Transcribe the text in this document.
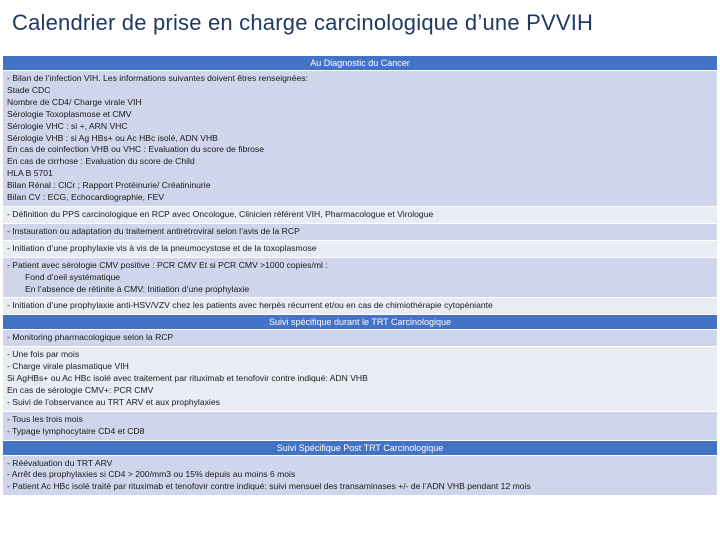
Calendrier de prise en charge carcinologique d’une PVVIH
Au Diagnostic du Cancer
- Bilan de l’infection VIH. Les informations suivantes doivent êtres renseignées:
Stade CDC
Nombre de CD4/ Charge virale VIH
Sérologie Toxoplasmose et CMV
Sérologie VHC : si +, ARN VHC
Sérologie VHB : si Ag HBs+ ou Ac HBc isolé, ADN VHB
En cas de coinfection VHB ou VHC : Evaluation du score de fibrose
En cas de cirrhose : Evaluation du score de Child
HLA B 5701
Bilan Rénal : ClCr ; Rapport Protéinurie/ Créatininurie
Bilan CV : ECG, Echocardiographie, FEV
- Définition du PPS carcinologique en RCP avec Oncologue, Clinicien référent VIH, Pharmacologue et Virologue
- Instauration ou adaptation du traitement antirétroviral selon l’avis de la RCP
- Initiation d’une prophylaxie vis à vis de la pneumocystose et de la toxoplasmose
- Patient avec sérologie CMV positive : PCR CMV Et si PCR CMV >1000 copies/ml :
Fond d’oeil systématique
En l’absence de rétinite à CMV: Initiation d’une prophylaxie
- Initiation d’une prophylaxie anti-HSV/VZV chez les patients avec herpès récurrent et/ou en cas de chimiothérapie cytopéniante
Suivi spécifique durant le TRT Carcinologique
- Monitoring pharmacologique selon la RCP
- Une fois par mois
- Charge virale plasmatique VIH
Si AgHBs+ ou Ac HBc isolé avec traitement par rituximab et tenofovir contre indiqué: ADN VHB
En cas de sérologie CMV+: PCR CMV
- Suivi de l’observance au TRT ARV et aux prophylaxies
- Tous les trois mois
- Typage lymphocytaire CD4 et CD8
Suivi Spécifique Post TRT Carcinologique
- Réévaluation du TRT ARV
- Arrêt des prophylaxies si CD4 > 200/mm3 ou 15% depuis au moins 6 mois
- Patient Ac HBc isolé traité par rituximab et tenofovir contre indiqué: suivi mensuel des transaminases +/- de l’ADN VHB pendant 12 mois
